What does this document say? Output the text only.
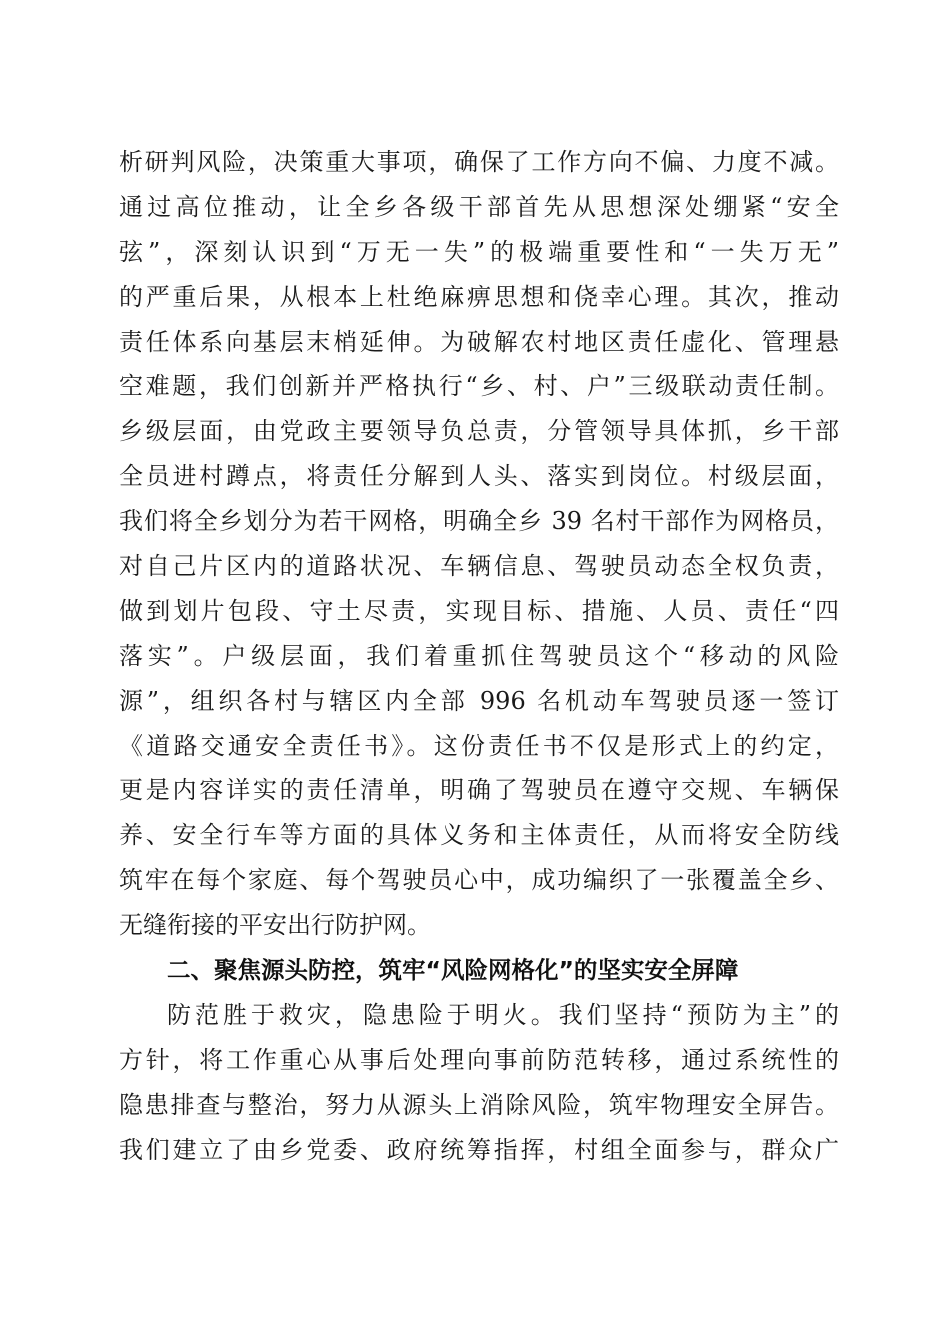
析研判风险，决策重大事项，确保了工作方向不偏、力度不减。
通过高位推动，让全乡各级干部首先从思想深处绷紧“安全
弦”，深刻认识到“万无一失”的极端重要性和“一失万无”
的严重后果，从根本上杜绝麻痹思想和侥幸心理。其次，推动
责任体系向基层末梢延伸。为破解农村地区责任虚化、管理悬
空难题，我们创新并严格执行“乡、村、户”三级联动责任制。
乡级层面，由党政主要领导负总责，分管领导具体抓，乡干部
全员进村蹲点，将责任分解到人头、落实到岗位。村级层面，
我们将全乡划分为若干网格，明确全乡 39 名村干部作为网格员，
对自己片区内的道路状况、车辆信息、驾驶员动态全权负责，
做到划片包段、守土尽责，实现目标、措施、人员、责任“四
落实”。户级层面，我们着重抓住驾驶员这个“移动的风险
源”，组织各村与辖区内全部 996 名机动车驾驶员逐一签订
《道路交通安全责任书》。这份责任书不仅是形式上的约定，
更是内容详实的责任清单，明确了驾驶员在遵守交规、车辆保
养、安全行车等方面的具体义务和主体责任，从而将安全防线
筑牢在每个家庭、每个驾驶员心中，成功编织了一张覆盖全乡、
无缝衔接的平安出行防护网。
二、聚焦源头防控，筑牢“风险网格化”的坚实安全屏障
防范胜于救灾，隐患险于明火。我们坚持“预防为主”的
方针，将工作重心从事后处理向事前防范转移，通过系统性的
隐患排查与整治，努力从源头上消除风险，筑牢物理安全屏告。
我们建立了由乡党委、政府统筹指挥，村组全面参与，群众广
